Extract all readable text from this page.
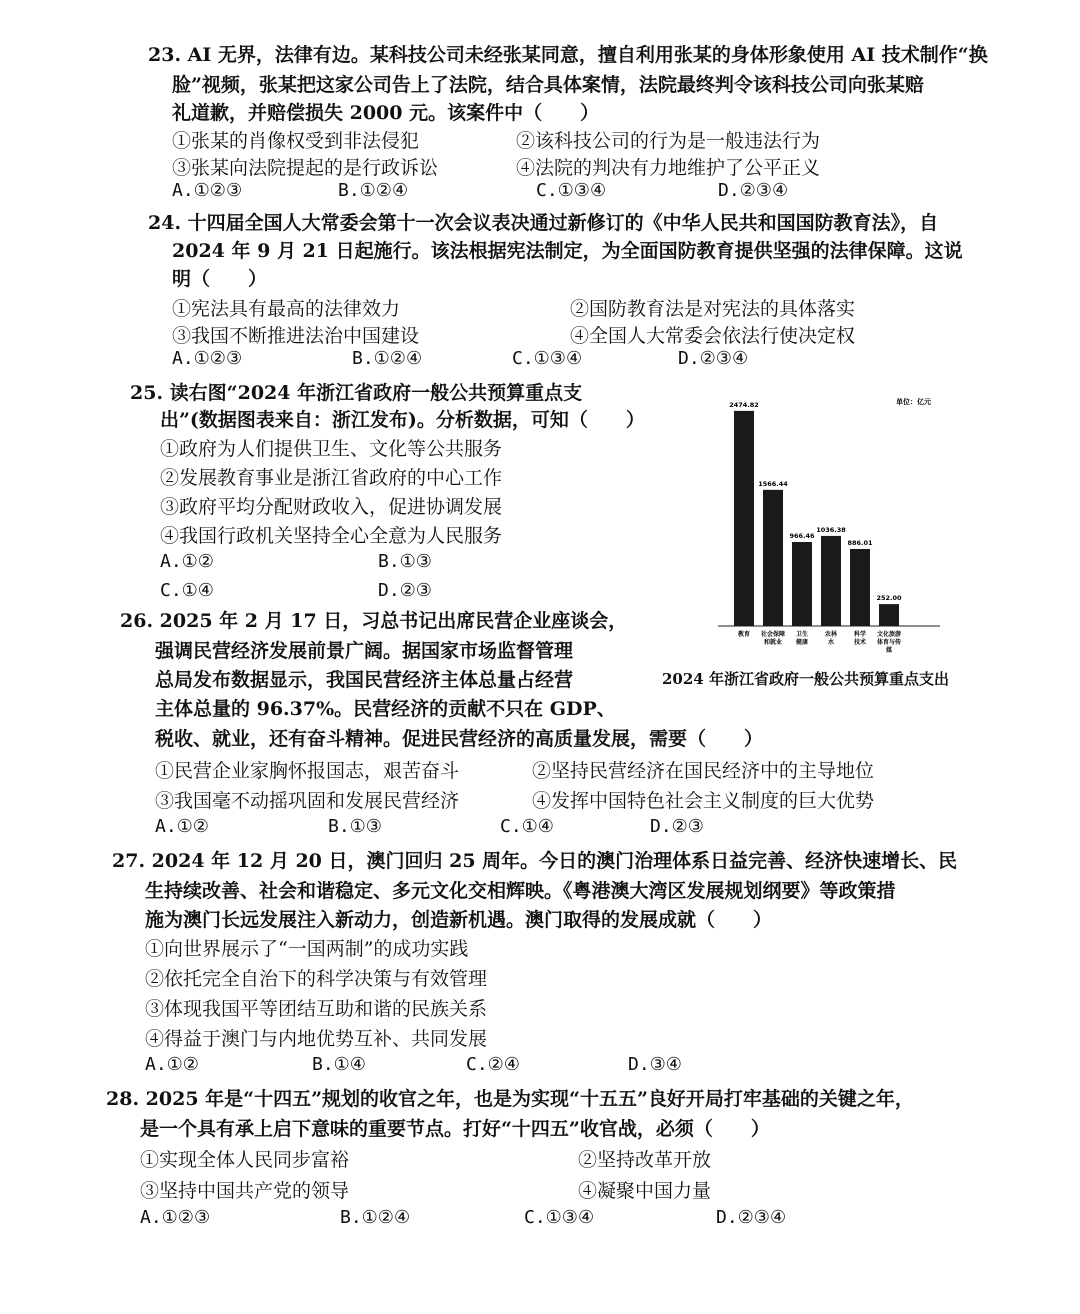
23. AI 无界，法律有边。某科技公司未经张某同意，擅自利用张某的身体形象使用 AI 技术制作“换
脸”视频，张某把这家公司告上了法院，结合具体案情，法院最终判令该科技公司向张某赔
礼道歉，并赔偿损失 2000 元。该案件中（　　）
①张某的肖像权受到非法侵犯	②该科技公司的行为是一般违法行为
③张某向法院提起的是行政诉讼	④法院的判决有力地维护了公平正义
A.①②③	B.①②④	C.①③④	D.②③④
24. 十四届全国人大常委会第十一次会议表决通过新修订的《中华人民共和国国防教育法》，自
2024 年 9 月 21 日起施行。该法根据宪法制定，为全面国防教育提供坚强的法律保障。这说
明（　　）
①宪法具有最高的法律效力	②国防教育法是对宪法的具体落实
③我国不断推进法治中国建设	④全国人大常委会依法行使决定权
A.①②③	B.①②④	C.①③④	D.②③④
25. 读右图“2024 年浙江省政府一般公共预算重点支
出”(数据图表来自：浙江发布)。分析数据，可知（　　）
①政府为人们提供卫生、文化等公共服务
②发展教育事业是浙江省政府的中心工作
③政府平均分配财政收入，促进协调发展
④我国行政机关坚持全心全意为人民服务
A.①②	B.①③
C.①④	D.②③
单位：亿元
2474.82
教育
1566.44
社会保障和就业
966.46
卫生健康
1036.38
农林水
886.01
科学技术
252.00
文化旅游体育与传媒
2024 年浙江省政府一般公共预算重点支出
26. 2025 年 2 月 17 日，习总书记出席民营企业座谈会，
强调民营经济发展前景广阔。据国家市场监督管理
总局发布数据显示，我国民营经济主体总量占经营
主体总量的 96.37%。民营经济的贡献不只在 GDP、
税收、就业，还有奋斗精神。促进民营经济的高质量发展，需要（　　）
①民营企业家胸怀报国志，艰苦奋斗	②坚持民营经济在国民经济中的主导地位
③我国毫不动摇巩固和发展民营经济	④发挥中国特色社会主义制度的巨大优势
A.①②	B.①③	C.①④	D.②③
27. 2024 年 12 月 20 日，澳门回归 25 周年。今日的澳门治理体系日益完善、经济快速增长、民
生持续改善、社会和谐稳定、多元文化交相辉映。《粤港澳大湾区发展规划纲要》等政策措
施为澳门长远发展注入新动力，创造新机遇。澳门取得的发展成就（　　）
①向世界展示了“一国两制”的成功实践
②依托完全自治下的科学决策与有效管理
③体现我国平等团结互助和谐的民族关系
④得益于澳门与内地优势互补、共同发展
A.①②	B.①④	C.②④	D.③④
28. 2025 年是“十四五”规划的收官之年，也是为实现“十五五”良好开局打牢基础的关键之年，
是一个具有承上启下意味的重要节点。打好“十四五”收官战，必须（　　）
①实现全体人民同步富裕	②坚持改革开放
③坚持中国共产党的领导	④凝聚中国力量
A.①②③	B.①②④	C.①③④	D.②③④
